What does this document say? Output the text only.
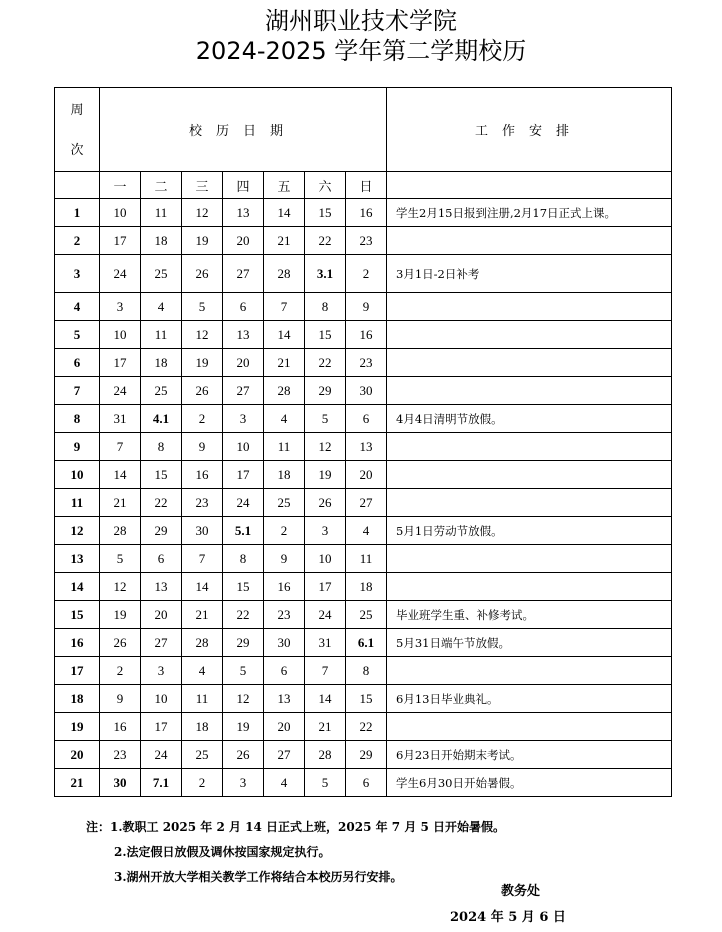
湖州职业技术学院
2024-2025 学年第二学期校历
周
次	校历日期							工作安排
	一	二	三	四	五	六	日	
1	10	11	12	13	14	15	16	学生2月15日报到注册,2月17日正式上课。
2	17	18	19	20	21	22	23	
3	24	25	26	27	28	3.1	2	3月1日-2日补考
4	3	4	5	6	7	8	9	
5	10	11	12	13	14	15	16	
6	17	18	19	20	21	22	23	
7	24	25	26	27	28	29	30	
8	31	4.1	2	3	4	5	6	4月4日清明节放假。
9	7	8	9	10	11	12	13	
10	14	15	16	17	18	19	20	
11	21	22	23	24	25	26	27	
12	28	29	30	5.1	2	3	4	5月1日劳动节放假。
13	5	6	7	8	9	10	11	
14	12	13	14	15	16	17	18	
15	19	20	21	22	23	24	25	毕业班学生重、补修考试。
16	26	27	28	29	30	31	6.1	5月31日端午节放假。
17	2	3	4	5	6	7	8	
18	9	10	11	12	13	14	15	6月13日毕业典礼。
19	16	17	18	19	20	21	22	
20	23	24	25	26	27	28	29	6月23日开始期末考试。
21	30	7.1	2	3	4	5	6	学生6月30日开始暑假。
注：1.教职工 2025 年 2 月 14 日正式上班，2025 年 7 月 5 日开始暑假。
2.法定假日放假及调休按国家规定执行。
3.湖州开放大学相关教学工作将结合本校历另行安排。
教务处
2024 年 5 月 6 日
